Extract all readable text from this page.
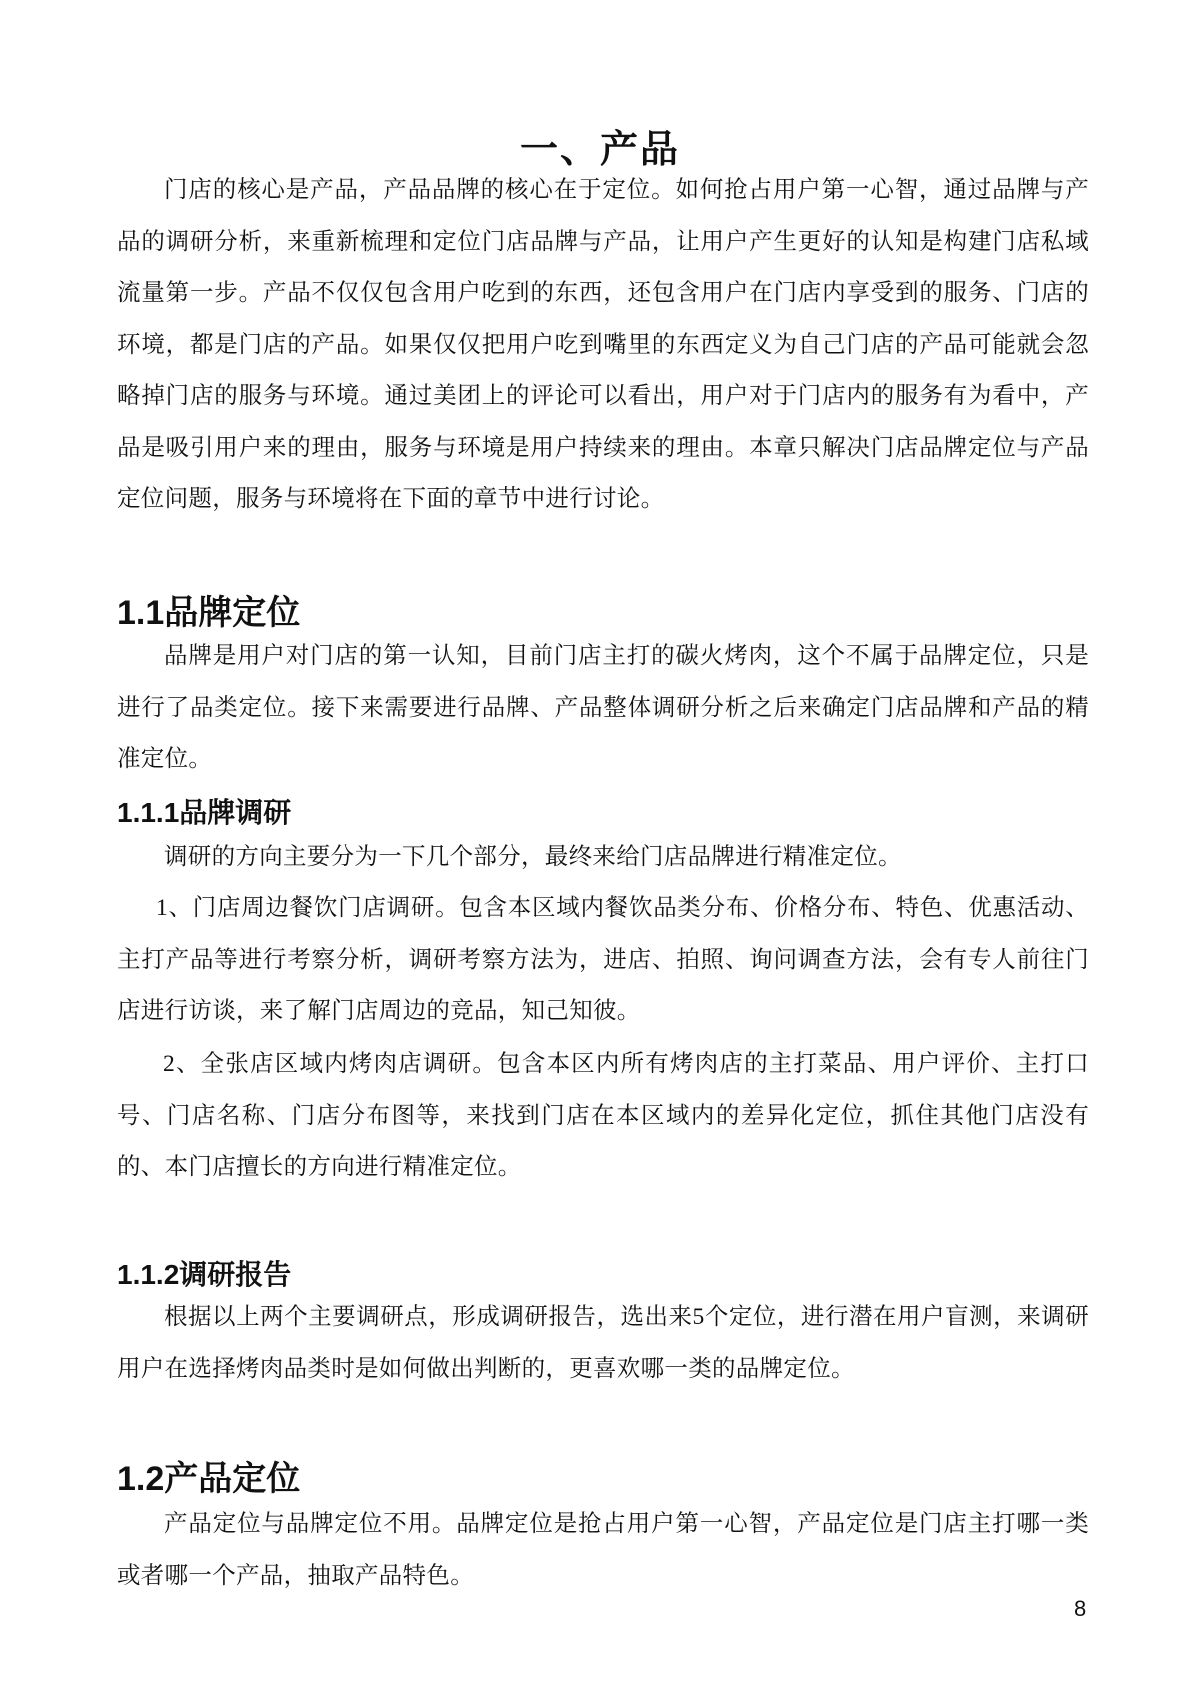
一、产品

门店的核心是产品，产品品牌的核心在于定位。如何抢占用户第一心智，通过品牌与产品的调研分析，来重新梳理和定位门店品牌与产品，让用户产生更好的认知是构建门店私域流量第一步。产品不仅仅包含用户吃到的东西，还包含用户在门店内享受到的服务、门店的环境，都是门店的产品。如果仅仅把用户吃到嘴里的东西定义为自己门店的产品可能就会忽略掉门店的服务与环境。通过美团上的评论可以看出，用户对于门店内的服务有为看中，产品是吸引用户来的理由，服务与环境是用户持续来的理由。本章只解决门店品牌定位与产品定位问题，服务与环境将在下面的章节中进行讨论。

1.1品牌定位

品牌是用户对门店的第一认知，目前门店主打的碳火烤肉，这个不属于品牌定位，只是进行了品类定位。接下来需要进行品牌、产品整体调研分析之后来确定门店品牌和产品的精准定位。

1.1.1品牌调研

调研的方向主要分为一下几个部分，最终来给门店品牌进行精准定位。

1、门店周边餐饮门店调研。包含本区域内餐饮品类分布、价格分布、特色、优惠活动、主打产品等进行考察分析，调研考察方法为，进店、拍照、询问调查方法，会有专人前往门店进行访谈，来了解门店周边的竞品，知己知彼。

2、全张店区域内烤肉店调研。包含本区内所有烤肉店的主打菜品、用户评价、主打口号、门店名称、门店分布图等，来找到门店在本区域内的差异化定位，抓住其他门店没有的、本门店擅长的方向进行精准定位。

1.1.2调研报告

根据以上两个主要调研点，形成调研报告，选出来5个定位，进行潜在用户盲测，来调研用户在选择烤肉品类时是如何做出判断的，更喜欢哪一类的品牌定位。

1.2产品定位

产品定位与品牌定位不用。品牌定位是抢占用户第一心智，产品定位是门店主打哪一类或者哪一个产品，抽取产品特色。

8
